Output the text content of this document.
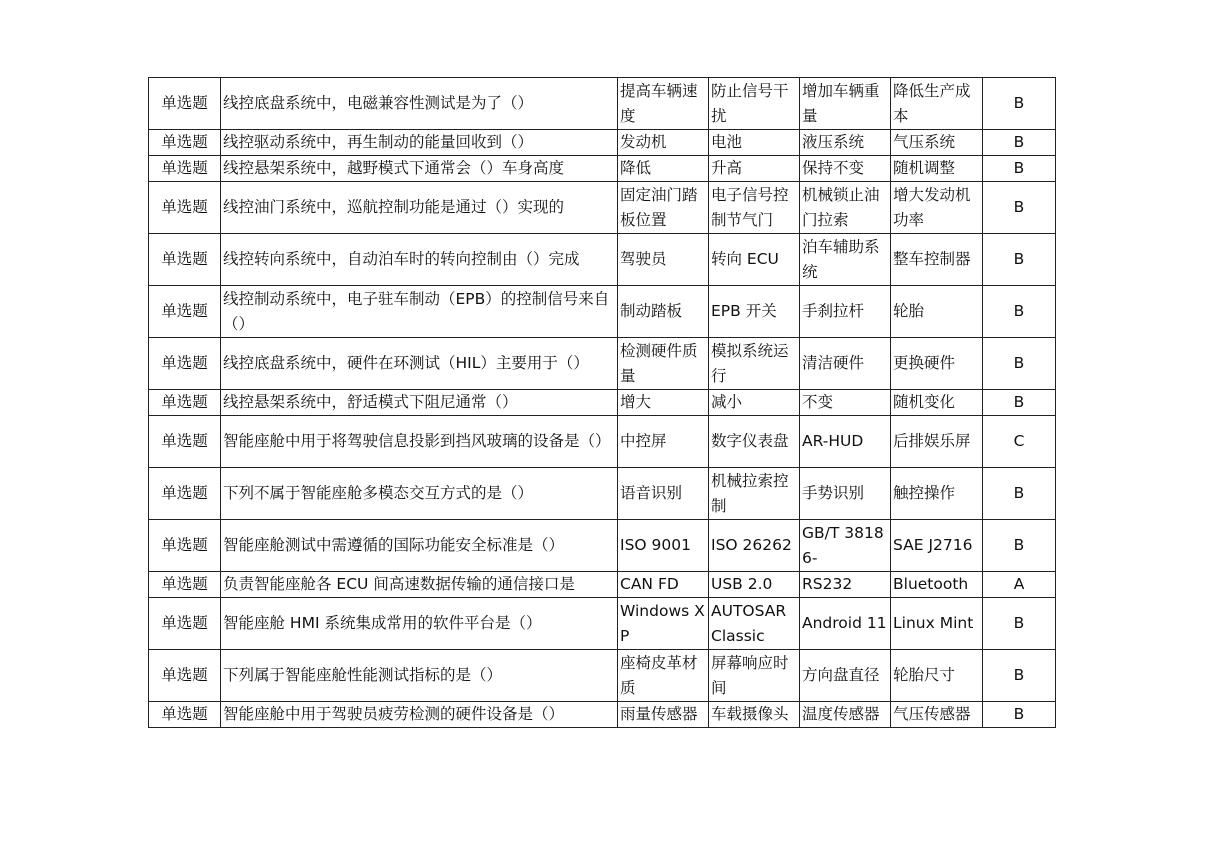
单选题	线控底盘系统中，电磁兼容性测试是为了（）	提高车辆速度	防止信号干扰	增加车辆重量	降低生产成本	B
单选题	线控驱动系统中，再生制动的能量回收到（）	发动机	电池	液压系统	气压系统	B
单选题	线控悬架系统中，越野模式下通常会（）车身高度	降低	升高	保持不变	随机调整	B
单选题	线控油门系统中，巡航控制功能是通过（）实现的	固定油门踏板位置	电子信号控制节气门	机械锁止油门拉索	增大发动机功率	B
单选题	线控转向系统中，自动泊车时的转向控制由（）完成	驾驶员	转向 ECU	泊车辅助系统	整车控制器	B
单选题	线控制动系统中，电子驻车制动（EPB）的控制信号来自（）	制动踏板	EPB 开关	手刹拉杆	轮胎	B
单选题	线控底盘系统中，硬件在环测试（HIL）主要用于（）	检测硬件质量	模拟系统运行	清洁硬件	更换硬件	B
单选题	线控悬架系统中，舒适模式下阻尼通常（）	增大	减小	不变	随机变化	B
单选题	智能座舱中用于将驾驶信息投影到挡风玻璃的设备是（）	中控屏	数字仪表盘	AR-HUD	后排娱乐屏	C
单选题	下列不属于智能座舱多模态交互方式的是（）	语音识别	机械拉索控制	手势识别	触控操作	B
单选题	智能座舱测试中需遵循的国际功能安全标准是（）	ISO 9001	ISO 26262	GB/T 38186-	SAE J2716	B
单选题	负责智能座舱各 ECU 间高速数据传输的通信接口是	CAN FD	USB 2.0	RS232	Bluetooth	A
单选题	智能座舱 HMI 系统集成常用的软件平台是（）	Windows XP	AUTOSAR Classic	Android 11	Linux Mint	B
单选题	下列属于智能座舱性能测试指标的是（）	座椅皮革材质	屏幕响应时间	方向盘直径	轮胎尺寸	B
单选题	智能座舱中用于驾驶员疲劳检测的硬件设备是（）	雨量传感器	车载摄像头	温度传感器	气压传感器	B
